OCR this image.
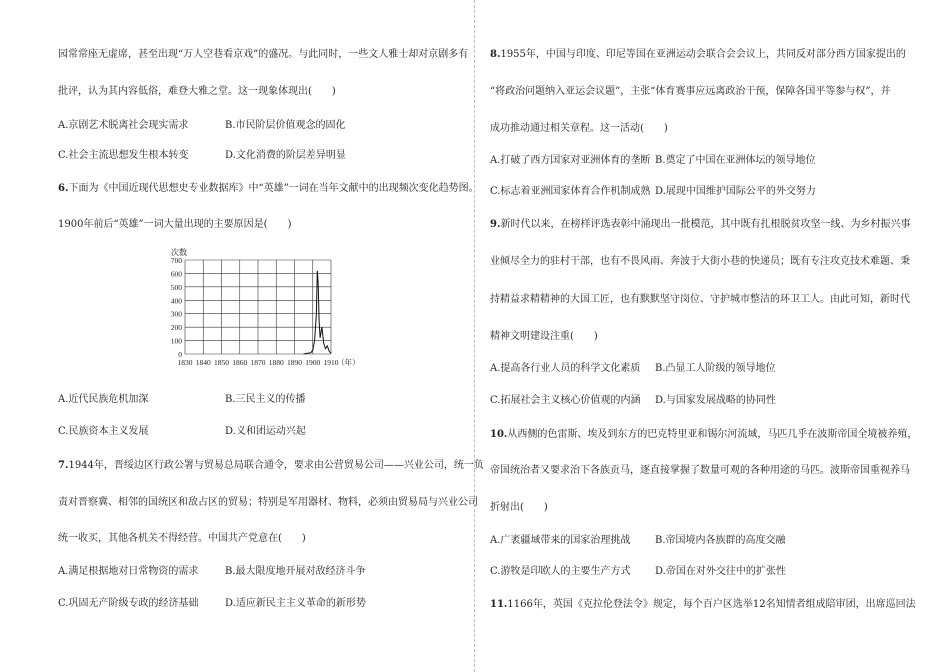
园常常座无虚席，甚至出现“万人空巷看京戏”的盛况。与此同时，一些文人雅士却对京剧多有
批评，认为其内容低俗，难登大雅之堂。这一现象体现出(　　)
A.京剧艺术脱离社会现实需求	B.市民阶层价值观念的固化
C.社会主流思想发生根本转变	D.文化消费的阶层差异明显
6.下面为《中国近现代思想史专业数据库》中“英雄”一词在当年文献中的出现频次变化趋势图。
1900年前后“英雄”一词大量出现的主要原因是(　　)
A.近代民族危机加深	B.三民主义的传播
C.民族资本主义发展	D.义和团运动兴起
7.1944年，晋绥边区行政公署与贸易总局联合通令，要求由公营贸易公司——兴业公司，统一负
责对晋察冀、相邻的国统区和敌占区的贸易；特别是军用器材、物料，必须由贸易局与兴业公司
统一收买，其他各机关不得经营。中国共产党意在(　　)
A.满足根据地对日常物资的需求	B.最大限度地开展对敌经济斗争
C.巩固无产阶级专政的经济基础	D.适应新民主主义革命的新形势
0
100
200
300
400
500
600
700
1830 1840 1850 1860 1870 1880 1890 1900 1910
次数
（年）
8.1955年，中国与印度、印尼等国在亚洲运动会联合会会议上，共同反对部分西方国家提出的
“将政治问题纳入亚运会议题”，主张“体育赛事应远离政治干预，保障各国平等参与权”，并
成功推动通过相关章程。这一活动(　　)
A.打破了西方国家对亚洲体育的垄断 B.奠定了中国在亚洲体坛的领导地位
C.标志着亚洲国家体育合作机制成熟 D.展现中国维护国际公平的外交努力
9.新时代以来，在榜样评选表彰中涌现出一批模范，其中既有扎根脱贫攻坚一线、为乡村振兴事
业倾尽全力的驻村干部，也有不畏风雨、奔波于大街小巷的快递员；既有专注攻克技术难题、秉
持精益求精精神的大国工匠，也有默默坚守岗位、守护城市整洁的环卫工人。由此可知，新时代
精神文明建设注重(　　)
A.提高各行业人员的科学文化素质 B.凸显工人阶级的领导地位
C.拓展社会主义核心价值观的内涵 D.与国家发展战略的协同性
10.从西侧的色雷斯、埃及到东方的巴克特里亚和锡尔河流域，马匹几乎在波斯帝国全境被养殖，
帝国统治者又要求治下各族贡马，逐直接掌握了数量可观的各种用途的马匹。波斯帝国重视养马
折射出(　　)
A.广袤疆域带来的国家治理挑战 B.帝国境内各族群的高度交融
C.游牧是印欧人的主要生产方式 D.帝国在对外交往中的扩张性
11.1166年，英国《克拉伦登法令》规定，每个百户区选举12名知情者组成陪审团，出席巡回法
